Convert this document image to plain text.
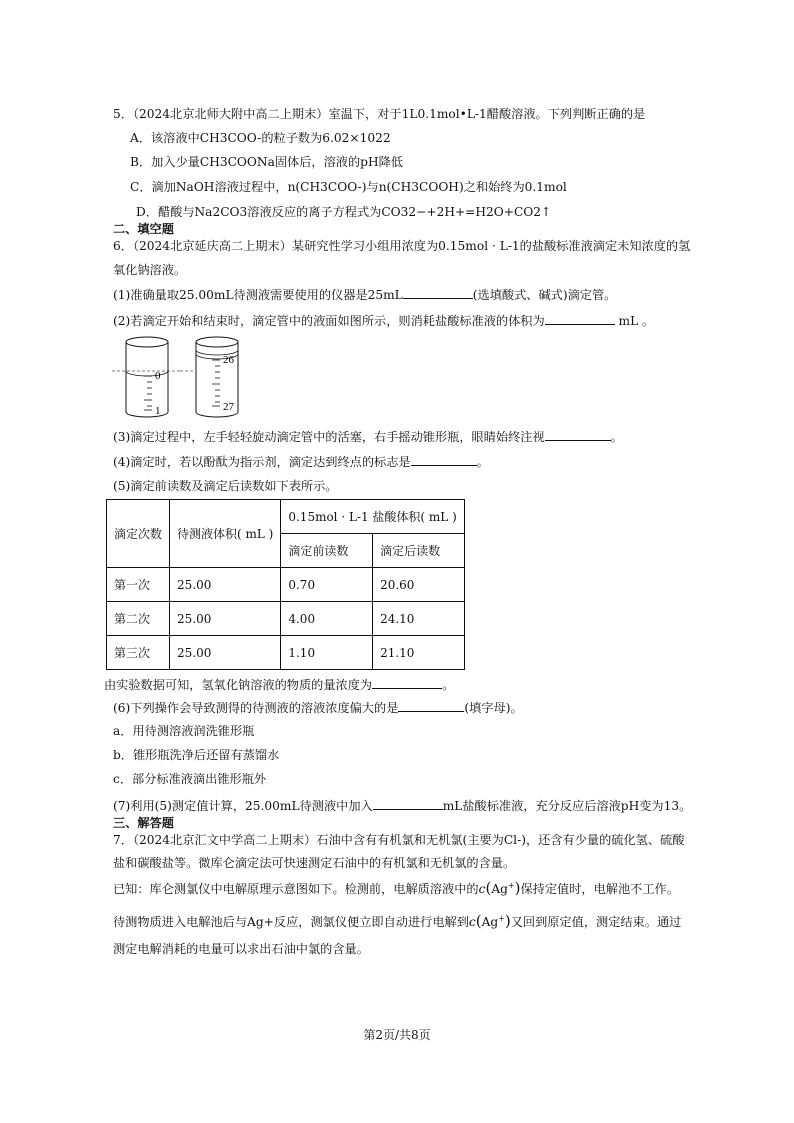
5．（2024北京北师大附中高二上期末）室温下，对于1L0.1mol•L-1醋酸溶液。下列判断正确的是
A．该溶液中CH3COO-的粒子数为6.02×1022
B．加入少量CH3COONa固体后，溶液的pH降低
C．滴加NaOH溶液过程中，n(CH3COO-)与n(CH3COOH)之和始终为0.1mol
D．醋酸与Na2CO3溶液反应的离子方程式为CO32−+2H+=H2O+CO2↑
二、填空题
6．（2024北京延庆高二上期末）某研究性学习小组用浓度为0.15mol · L-1的盐酸标准液滴定未知浓度的氢
氧化钠溶液。
(1)准确量取25.00mL待测液需要使用的仪器是25mL	(选填酸式、碱式)滴定管。
(2)若滴定开始和结束时，滴定管中的液面如图所示，则消耗盐酸标准液的体积为	mL 。
0
1
26
27
(3)滴定过程中，左手轻轻旋动滴定管中的活塞，右手摇动锥形瓶，眼睛始终注视	。
(4)滴定时，若以酚酞为指示剂，滴定达到终点的标志是	。
(5)滴定前读数及滴定后读数如下表所示。
滴定次数	待测液体积( mL )	0.15mol · L-1 盐酸体积( mL )	
		滴定前读数	滴定后读数
第一次	25.00	0.70	20.60
第二次	25.00	4.00	24.10
第三次	25.00	1.10	21.10
由实验数据可知，氢氧化钠溶液的物质的量浓度为	。
(6)下列操作会导致测得的待测液的溶液浓度偏大的是	(填字母)。
a．用待测溶液润洗锥形瓶
b．锥形瓶洗净后还留有蒸馏水
c．部分标准液滴出锥形瓶外
(7)利用(5)测定值计算，25.00mL待测液中加入	mL盐酸标准液，充分反应后溶液pH变为13。
三、解答题
7．（2024北京汇文中学高二上期末）石油中含有有机氯和无机氯(主要为Cl-)，还含有少量的硫化氢、硫酸
盐和碳酸盐等。微库仑滴定法可快速测定石油中的有机氯和无机氯的含量。
已知：库仑测氯仪中电解原理示意图如下。检测前，电解质溶液中的c(Ag+)保持定值时，电解池不工作。
待测物质进入电解池后与Ag+反应，测氯仪便立即自动进行电解到c(Ag+)又回到原定值，测定结束。通过
测定电解消耗的电量可以求出石油中氯的含量。
第2页/共8页
